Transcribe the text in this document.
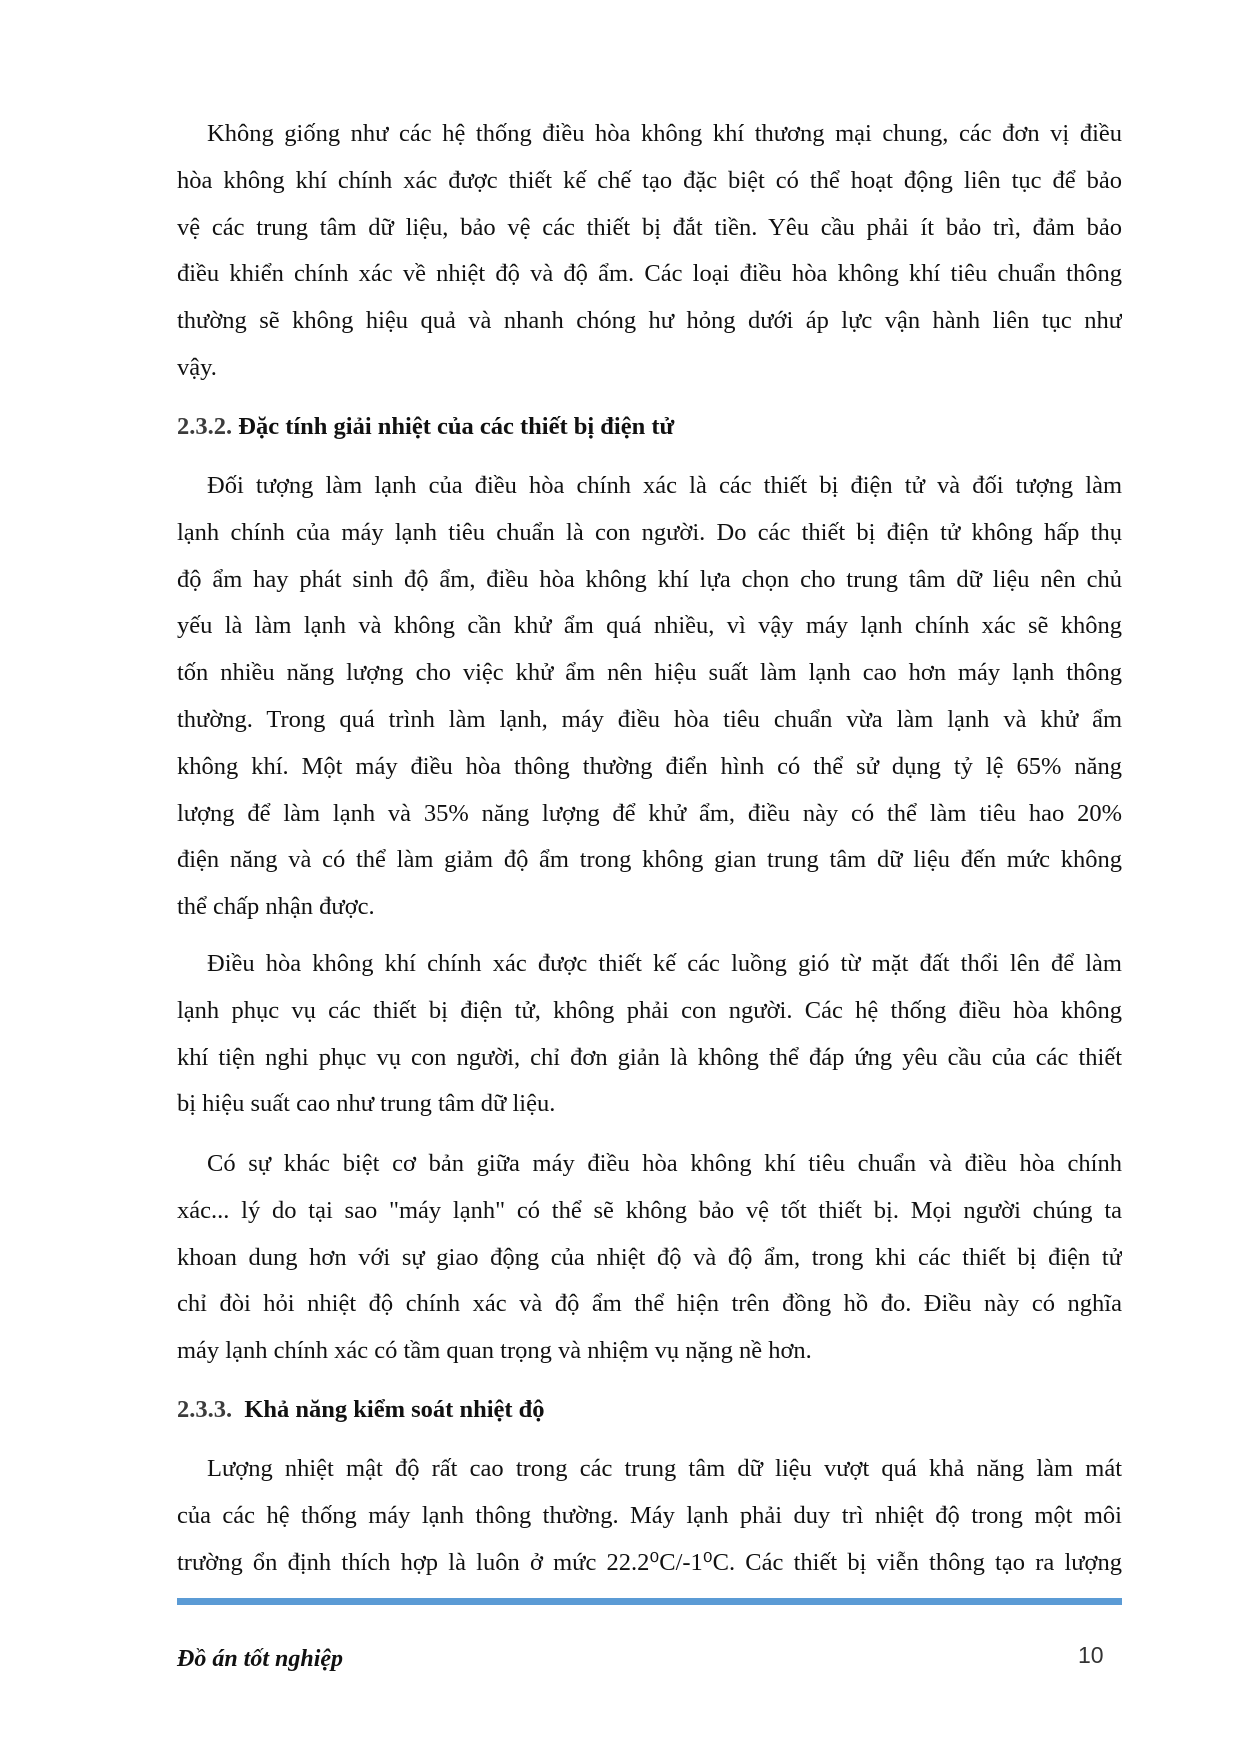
Không giống như các hệ thống điều hòa không khí thương mại chung, các đơn vị điều
hòa không khí chính xác được thiết kế chế tạo đặc biệt có thể hoạt động liên tục để bảo
vệ các trung tâm dữ liệu, bảo vệ các thiết bị đắt tiền. Yêu cầu phải ít bảo trì, đảm bảo
điều khiển chính xác về nhiệt độ và độ ẩm. Các loại điều hòa không khí tiêu chuẩn thông
thường sẽ không hiệu quả và nhanh chóng hư hỏng dưới áp lực vận hành liên tục như
vậy.
Đối tượng làm lạnh của điều hòa chính xác là các thiết bị điện tử và đối tượng làm
lạnh chính của máy lạnh tiêu chuẩn là con người. Do các thiết bị điện tử không hấp thụ
độ ẩm hay phát sinh độ ẩm, điều hòa không khí lựa chọn cho trung tâm dữ liệu nên chủ
yếu là làm lạnh và không cần khử ẩm quá nhiều, vì vậy máy lạnh chính xác sẽ không
tốn nhiều năng lượng cho việc khử ẩm nên hiệu suất làm lạnh cao hơn máy lạnh thông
thường. Trong quá trình làm lạnh, máy điều hòa tiêu chuẩn vừa làm lạnh và khử ẩm
không khí. Một máy điều hòa thông thường điển hình có thể sử dụng tỷ lệ 65% năng
lượng để làm lạnh và 35% năng lượng để khử ẩm, điều này có thể làm tiêu hao 20%
điện năng và có thể làm giảm độ ẩm trong không gian trung tâm dữ liệu đến mức không
thể chấp nhận được.
Điều hòa không khí chính xác được thiết kế các luồng gió từ mặt đất thổi lên để làm
lạnh phục vụ các thiết bị điện tử, không phải con người. Các hệ thống điều hòa không
khí tiện nghi phục vụ con người, chỉ đơn giản là không thể đáp ứng yêu cầu của các thiết
bị hiệu suất cao như trung tâm dữ liệu.
Có sự khác biệt cơ bản giữa máy điều hòa không khí tiêu chuẩn và điều hòa chính
xác... lý do tại sao "máy lạnh" có thể sẽ không bảo vệ tốt thiết bị. Mọi người chúng ta
khoan dung hơn với sự giao động của nhiệt độ và độ ẩm, trong khi các thiết bị điện tử
chỉ đòi hỏi nhiệt độ chính xác và độ ẩm thể hiện trên đồng hồ đo. Điều này có nghĩa
máy lạnh chính xác có tầm quan trọng và nhiệm vụ nặng nề hơn.
Lượng nhiệt mật độ rất cao trong các trung tâm dữ liệu vượt quá khả năng làm mát
của các hệ thống máy lạnh thông thường. Máy lạnh phải duy trì nhiệt độ trong một môi
trường ổn định thích hợp là luôn ở mức 22.2⁰C/-1⁰C. Các thiết bị viễn thông tạo ra lượng
2.3.2. Đặc tính giải nhiệt của các thiết bị điện tử
2.3.3. Khả năng kiểm soát nhiệt độ
Đồ án tốt nghiệp	10
